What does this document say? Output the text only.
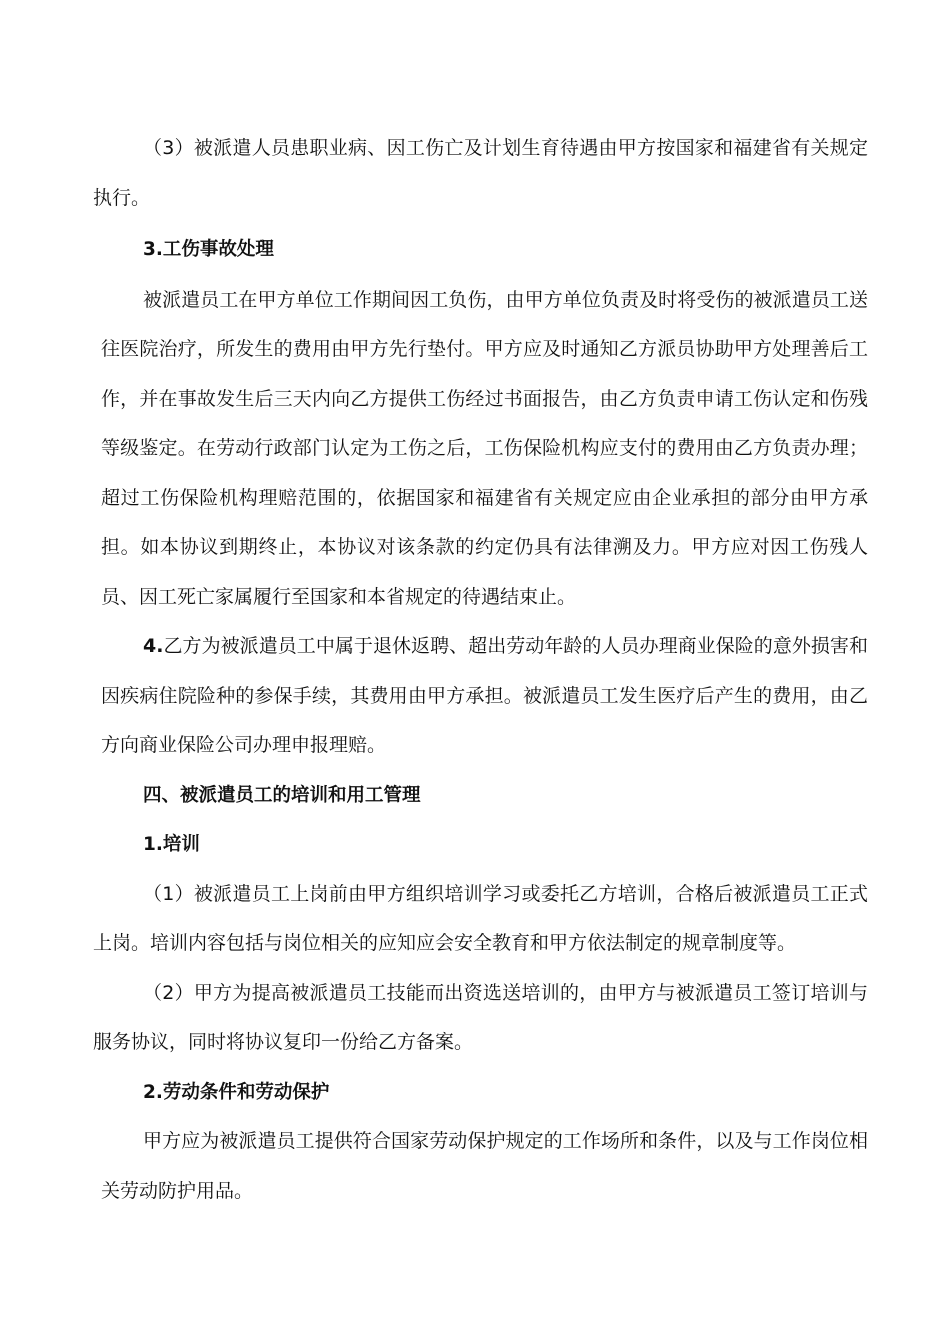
（3）被派遣人员患职业病、因工伤亡及计划生育待遇由甲方按国家和福建省有关规定执行。

3.工伤事故处理

被派遣员工在甲方单位工作期间因工负伤，由甲方单位负责及时将受伤的被派遣员工送往医院治疗，所发生的费用由甲方先行垫付。甲方应及时通知乙方派员协助甲方处理善后工作，并在事故发生后三天内向乙方提供工伤经过书面报告，由乙方负责申请工伤认定和伤残等级鉴定。在劳动行政部门认定为工伤之后，工伤保险机构应支付的费用由乙方负责办理；超过工伤保险机构理赔范围的，依据国家和福建省有关规定应由企业承担的部分由甲方承担。如本协议到期终止，本协议对该条款的约定仍具有法律溯及力。甲方应对因工伤残人员、因工死亡家属履行至国家和本省规定的待遇结束止。

4.乙方为被派遣员工中属于退休返聘、超出劳动年龄的人员办理商业保险的意外损害和因疾病住院险种的参保手续，其费用由甲方承担。被派遣员工发生医疗后产生的费用，由乙方向商业保险公司办理申报理赔。

四、被派遣员工的培训和用工管理

1.培训

（1）被派遣员工上岗前由甲方组织培训学习或委托乙方培训，合格后被派遣员工正式上岗。培训内容包括与岗位相关的应知应会安全教育和甲方依法制定的规章制度等。

（2）甲方为提高被派遣员工技能而出资选送培训的，由甲方与被派遣员工签订培训与服务协议，同时将协议复印一份给乙方备案。

2.劳动条件和劳动保护

甲方应为被派遣员工提供符合国家劳动保护规定的工作场所和条件，以及与工作岗位相关劳动防护用品。
